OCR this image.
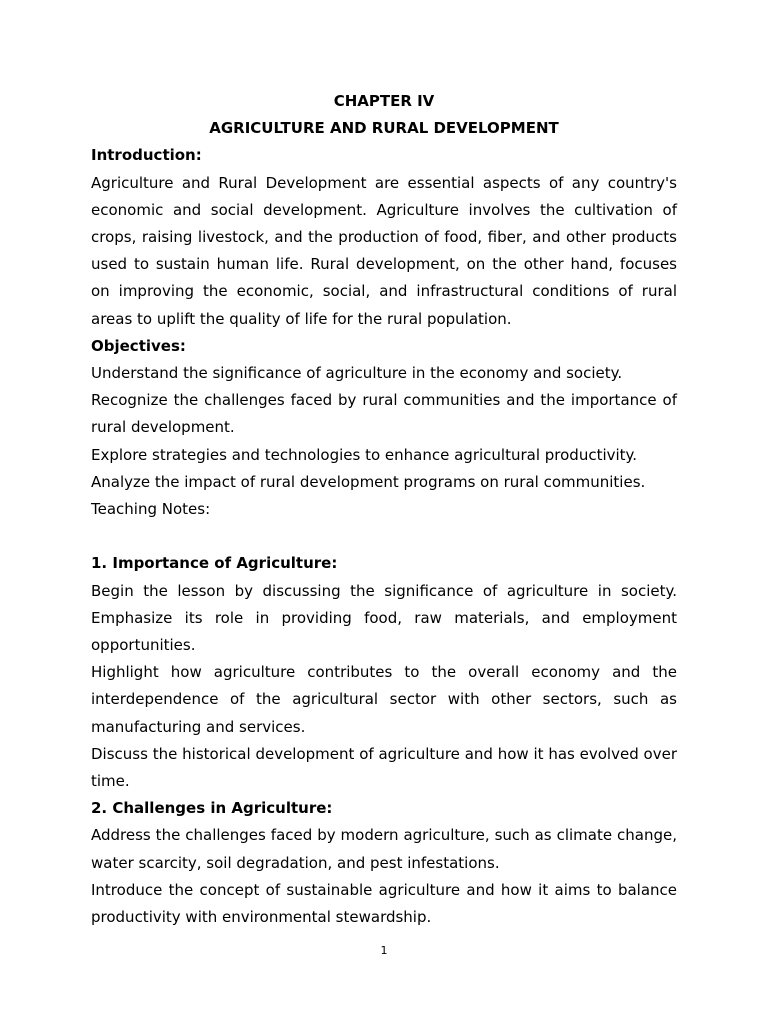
CHAPTER IV
AGRICULTURE AND RURAL DEVELOPMENT
Introduction:
Agriculture and Rural Development are essential aspects of any country's economic and social development. Agriculture involves the cultivation of crops, raising livestock, and the production of food, fiber, and other products used to sustain human life. Rural development, on the other hand, focuses on improving the economic, social, and infrastructural conditions of rural areas to uplift the quality of life for the rural population.
Objectives:
Understand the significance of agriculture in the economy and society.
Recognize the challenges faced by rural communities and the importance of rural development.
Explore strategies and technologies to enhance agricultural productivity.
Analyze the impact of rural development programs on rural communities.
Teaching Notes:
1. Importance of Agriculture:
Begin the lesson by discussing the significance of agriculture in society. Emphasize its role in providing food, raw materials, and employment opportunities.
Highlight how agriculture contributes to the overall economy and the interdependence of the agricultural sector with other sectors, such as manufacturing and services.
Discuss the historical development of agriculture and how it has evolved over time.
2. Challenges in Agriculture:
Address the challenges faced by modern agriculture, such as climate change, water scarcity, soil degradation, and pest infestations.
Introduce the concept of sustainable agriculture and how it aims to balance productivity with environmental stewardship.
1
